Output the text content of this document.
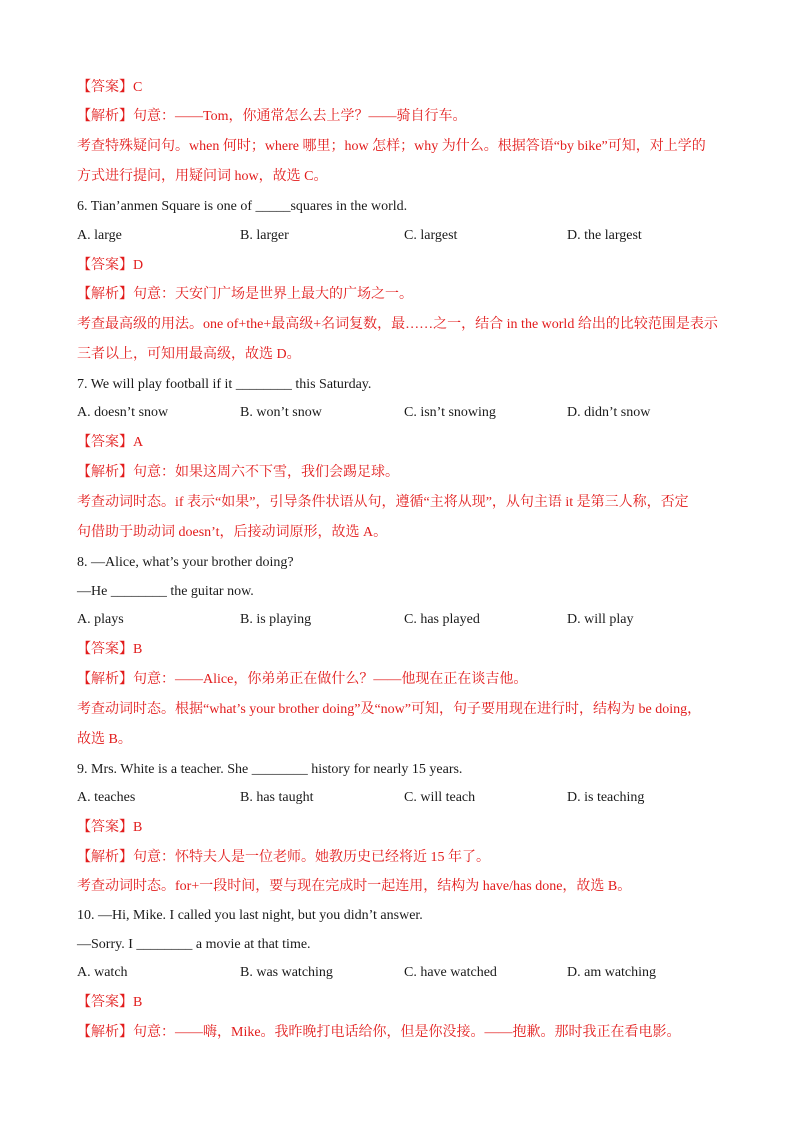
【答案】C
【解析】句意：——Tom，你通常怎么去上学？——骑自行车。
考查特殊疑问句。when 何时；where 哪里；how 怎样；why 为什么。根据答语“by bike”可知，对上学的
方式进行提问，用疑问词 how，故选 C。
6. Tian’anmen Square is one of _____squares in the world.
A. large	B. larger	C. largest	D. the largest
【答案】D
【解析】句意：天安门广场是世界上最大的广场之一。
考查最高级的用法。one of+the+最高级+名词复数，最……之一，结合 in the world 给出的比较范围是表示
三者以上，可知用最高级，故选 D。
7. We will play football if it ________ this Saturday.
A. doesn’t snow	B. won’t snow	C. isn’t snowing	D. didn’t snow
【答案】A
【解析】句意：如果这周六不下雪，我们会踢足球。
考查动词时态。if 表示“如果”，引导条件状语从句，遵循“主将从现”，从句主语 it 是第三人称，否定
句借助于助动词 doesn’t，后接动词原形，故选 A。
8. —Alice, what’s your brother doing?
—He ________ the guitar now.
A. plays	B. is playing	C. has played	D. will play
【答案】B
【解析】句意：——Alice，你弟弟正在做什么？——他现在正在谈吉他。
考查动词时态。根据“what’s your brother doing”及“now”可知，句子要用现在进行时，结构为 be doing，
故选 B。
9. Mrs. White is a teacher. She ________ history for nearly 15 years.
A. teaches	B. has taught	C. will teach	D. is teaching
【答案】B
【解析】句意：怀特夫人是一位老师。她教历史已经将近 15 年了。
考查动词时态。for+一段时间，要与现在完成时一起连用，结构为 have/has done，故选 B。
10. —Hi, Mike. I called you last night, but you didn’t answer.
—Sorry. I ________ a movie at that time.
A. watch	B. was watching	C. have watched	D. am watching
【答案】B
【解析】句意：——嗨，Mike。我昨晚打电话给你，但是你没接。——抱歉。那时我正在看电影。
